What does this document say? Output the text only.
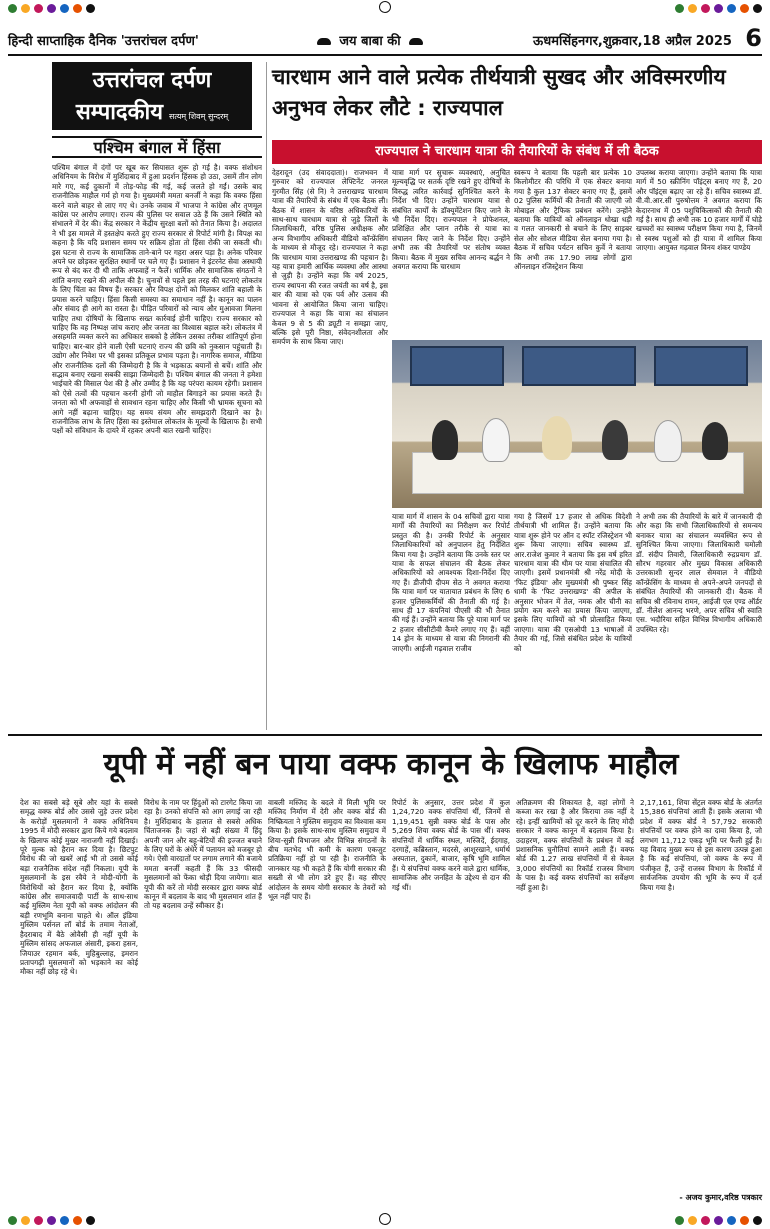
हिन्दी साप्ताहिक दैनिक 'उत्तरांचल दर्पण'	जय बाबा की	ऊधमसिंहनगर,शुक्रवार,18 अप्रैल 2025 6
उत्तरांचल दर्पण
सम्पादकीय सत्यम् शिवम् सुन्दरम्
पश्चिम बंगाल में हिंसा

पश्चिम बंगाल में दंगों पर खूब कर सियासत शुरू हो गई है। वक्फ संशोधन अधिनियम के विरोध में मुर्शिदाबाद में हुआ प्रदर्शन हिंसक हो उठा, उसमें तीन लोग मारे गए, कई दुकानों में तोड़-फोड़ की गई, कई जलते हो गईं। उसके बाद राजनीतिक माहौल गर्म हो गया है। मुख्यमंत्री ममता बनर्जी ने कहा कि वक्फ हिंसा करने वाले बाहर से लाए गए थे। उनके जवाब में भाजपा ने कांग्रेस और तृणमूल कांग्रेस पर आरोप लगाए। राज्य की पुलिस पर सवाल उठे हैं कि उसने स्थिति को संभालने में देर की। केंद्र सरकार ने केंद्रीय सुरक्षा बलों को तैनात किया है। अदालत ने भी इस मामले में हस्तक्षेप करते हुए राज्य सरकार से रिपोर्ट मांगी है। विपक्ष का कहना है कि यदि प्रशासन समय पर सक्रिय होता तो हिंसा रोकी जा सकती थी। इस घटना से राज्य के सामाजिक ताने-बाने पर गहरा असर पड़ा है। अनेक परिवार अपने घर छोड़कर सुरक्षित स्थानों पर चले गए हैं। प्रशासन ने इंटरनेट सेवा अस्थायी रूप से बंद कर दी थी ताकि अफवाहें न फैलें। धार्मिक और सामाजिक संगठनों ने शांति बनाए रखने की अपील की है। चुनावों से पहले इस तरह की घटनाएं लोकतंत्र के लिए चिंता का विषय हैं। सरकार और विपक्ष दोनों को मिलकर शांति बहाली के प्रयास करने चाहिए। हिंसा किसी समस्या का समाधान नहीं है। कानून का पालन और संवाद ही आगे का रास्ता है। पीड़ित परिवारों को न्याय और मुआवजा मिलना चाहिए तथा दोषियों के खिलाफ सख्त कार्रवाई होनी चाहिए। राज्य सरकार को चाहिए कि वह निष्पक्ष जांच कराए और जनता का विश्वास बहाल करे। लोकतंत्र में असहमति व्यक्त करने का अधिकार सबको है लेकिन उसका तरीका शांतिपूर्ण होना चाहिए। बार-बार होने वाली ऐसी घटनाएं राज्य की छवि को नुकसान पहुंचाती हैं। उद्योग और निवेश पर भी इसका प्रतिकूल प्रभाव पड़ता है। नागरिक समाज, मीडिया और राजनीतिक दलों की जिम्मेदारी है कि वे भड़काऊ बयानों से बचें। शांति और सद्भाव बनाए रखना सबकी साझा जिम्मेदारी है। पश्चिम बंगाल की जनता ने हमेशा भाईचारे की मिसाल पेश की है और उम्मीद है कि यह परंपरा कायम रहेगी। प्रशासन को ऐसे तत्वों की पहचान करनी होगी जो माहौल बिगाड़ने का प्रयास करते हैं। जनता को भी अफवाहों से सावधान रहना चाहिए और किसी भी भ्रामक सूचना को आगे नहीं बढ़ाना चाहिए। यह समय संयम और समझदारी दिखाने का है। राजनीतिक लाभ के लिए हिंसा का इस्तेमाल लोकतंत्र के मूल्यों के खिलाफ है। सभी पक्षों को संविधान के दायरे में रहकर अपनी बात रखनी चाहिए।

चारधाम आने वाले प्रत्येक तीर्थयात्री सुखद और अविस्मरणीय अनुभव लेकर लौटे : राज्यपाल
राज्यपाल ने चारधाम यात्रा की तैयारियों के संबंध में ली बैठक

देहरादून (उद संवाददाता)। राजभवन में गुरुवार को राज्यपाल लेफ्टिनेंट जनरल गुरमीत सिंह (से नि) ने उत्तराखण्ड चारधाम यात्रा की तैयारियों के संबंध में एक बैठक ली। बैठक में शासन के वरिष्ठ अधिकारियों के साथ-साथ चारधाम यात्रा से जुड़े जिलों के जिलाधिकारी, वरिष्ठ पुलिस अधीक्षक और अन्य विभागीय अधिकारी वीडियो कॉन्फ्रेंसिंग के माध्यम से मौजूद रहे। राज्यपाल ने कहा कि चारधाम यात्रा उत्तराखण्ड की पहचान है। यह यात्रा हमारी आर्थिक व्यवस्था और आस्था से जुड़ी है। उन्होंने कहा कि वर्ष 2025, राज्य स्थापना की रजत जयंती का वर्ष है, इस बार की यात्रा को एक पर्व और उत्सव की भावना से आयोजित किया जाना चाहिए। राज्यपाल ने कहा कि यात्रा का संचालन केवल 9 से 5 की ड्यूटी न समझा जाए, बल्कि इसे पूरी निष्ठा, संवेदनशीलता और समर्पण के साथ किया जाए।

यात्रा मार्ग पर सुचारू व्यवस्थाएं, अनुचित मूल्यवृद्धि पर सतर्क दृष्टि रखने हुए दोषियों के विरुद्ध त्वरित कार्रवाई सुनिश्चित करने के निर्देश भी दिए। उन्होंने चारधाम यात्रा से संबंधित कार्यों के डॉक्यूमेंटेशन किए जाने के भी निर्देश दिए। राज्यपाल ने प्रोफेशनल, प्रशिक्षित और प्लान तरीके से यात्रा का संचालन किए जाने के निर्देश दिए। उन्होंने अभी तक की तैयारियों पर संतोष व्यक्त किया। बैठक में मुख्य सचिव आनन्द बर्द्धन ने अवगत कराया कि चारधाम

स्वरूप ने बताया कि पहली बार प्रत्येक 10 किलोमीटर की परिधि में एक सेक्टर बनाया गया है कुल 137 सेक्टर बनाए गए हैं, इसमें 02 पुलिस कर्मियों की तैनाती की जाएगी जो मोबाइल और ट्रैफिक प्रबंधन करेंगे। उन्होंने बताया कि यात्रियों को ऑनलाइन धोखा धड़ी व गलत जानकारी से बचाने के लिए साइबर सेल और सोशल मीडिया सेल बनाया गया है। बैठक में सचिव पर्यटन सचिन कुर्वे ने बताया कि अभी तक 17.90 लाख लोगों द्वारा ऑनलाइन रजिस्ट्रेशन किया

उपलब्ध कराया जाएगा। उन्होंने बताया कि यात्रा मार्ग में 50 स्क्रीनिंग पॉइंट्स बनाए गए हैं, 20 और पॉइंट्स बढ़ाए जा रहे हैं। सचिव स्वास्थ्य डॉ. वी.वी.आर.सी पुरुषोत्तम ने अवगत कराया कि केदारनाथ में 05 पशुचिकित्सकों की तैनाती की गई है। साथ ही अभी तक 10 हजार मार्गों में घोड़े खच्चरों का स्वास्थ्य परीक्षण किया गया है, जिनमें से स्वस्थ पशुओं को ही यात्रा में शामिल किया जाएगा। आयुक्त गढ़वाल विनय शंकर पाण्डेय

यात्रा मार्ग में शासन के 04 सचिवों द्वारा यात्रा मार्गों की तैयारियों का निरीक्षण कर रिपोर्ट प्रस्तुत की है। उनकी रिपोर्ट के अनुसार जिलाधिकारियों को अनुपालन हेतु निर्देशित किया गया है। उन्होंने बताया कि उनके स्तर पर यात्रा के सफल संचालन की बैठक लेकर अधिकारियों को आवश्यक दिशा-निर्देश दिए गए हैं। डीजीपी दीपम सेठ ने अवगत कराया कि यात्रा मार्ग पर यातायात प्रबंधन के लिए 6 हजार पुलिसकर्मियों की तैनाती की गई है। साथ ही 17 कंपनियां पीएसी की भी तैनात की गई हैं। उन्होंने बताया कि पूरे यात्रा मार्ग पर 2 हजार सीसीटीवी कैमरे लगाए गए हैं। वहीं 14 ड्रोन के माध्यम से यात्रा की निगरानी की जाएगी। आईजी गढ़वाल राजीव

गया है जिसमें 17 हजार से अधिक विदेशी तीर्थयात्री भी शामिल हैं। उन्होंने बताया कि यात्रा शुरू होने पर ऑन द स्पॉट रजिस्ट्रेशन भी शुरू किया जाएगा। सचिव स्वास्थ्य डॉ. आर.राजेश कुमार ने बताया कि इस वर्ष हरित चारधाम यात्रा की थीम पर यात्रा संचालित की जाएगी। इसमें प्रधानमंत्री श्री नरेंद्र मोदी के 'फिट इंडिया' और मुख्यमंत्री श्री पुष्कर सिंह धामी के 'फिट उत्तराखण्ड' की अपील के अनुसार भोजन में तेल, नमक और चीनी का प्रयोग कम करने का प्रयास किया जाएगा, इसके लिए यात्रियों को भी प्रोत्साहित किया जाएगा। यात्रा की एसओपी 13 भाषाओं में तैयार की गई, जिसे संबंधित प्रदेश के यात्रियों को

ने अभी तक की तैयारियों के बारे में जानकारी दी और कहा कि सभी जिलाधिकारियों से समन्वय बनाकर यात्रा का संचालन व्यवस्थित रूप से सुनिश्चित किया जाएगा। जिलाधिकारी चमोली डॉ. संदीप तिवारी, जिलाधिकारी रुद्रप्रयाग डॉ. सौरभ गहरवार और मुख्य विकास अधिकारी उत्तरकाशी सुन्दर लाल सेमवाल ने वीडियो कॉन्फ्रेंसिंग के माध्यम से अपने-अपने जनपदों से संबंधित तैयारियों की जानकारी दी। बैठक में सचिव श्री रविनाथ रामन, आईजी एल एण्ड ऑर्डर डॉ. नीलेश आनन्द भरणे, अपर सचिव श्री स्वाति एस. भदौरिया सहित विभिन्न विभागीय अधिकारी उपस्थित रहे।

यूपी में नहीं बन पाया वक्फ कानून के खिलाफ माहौल

देश का सबसे बड़े सूबे और यहां के सबसे समृद्ध वक्फ बोर्ड और उससे जुड़े उत्तर प्रदेश के करोड़ों मुसलमानों ने वक्फ अधिनियम 1995 में मोदी सरकार द्वारा किये गये बदलाव के खिलाफ कोई मुखर नाराजगी नहीं दिखाई। पूरे मुल्क को हैरान कर दिया है। छिटपुट विरोध की जो खबरें आईं भी तो उससे कोई बड़ा राजनैतिक संदेश नहीं निकला। यूपी के मुसलमानों के इस रवैये ने मोदी-योगी के विरोधियों को हैरान कर दिया है, क्योंकि कांग्रेस और समाजवादी पार्टी के साथ-साथ कई मुस्लिम नेता यूपी को वक्फ आंदोलन की बड़ी रणभूमि बनाना चाहते थे। ऑल इंडिया मुस्लिम पर्सनल लॉ बोर्ड के तमाम नेताओं, हैदराबाद में बैठे ओवैसी ही नहीं यूपी के मुस्लिम सांसद अफजाल अंसारी, इकरा हसन, जियाउर रहमान बर्क, मुहिबुल्लाह, इमरान प्रतापगढ़ी मुसलमानों को भड़काने का कोई मौका नहीं छोड़ रहे थे।

विरोध के नाम पर हिंदुओं को टारगेट किया जा रहा है। उनको संपत्ति को आग लगाई जा रही है। मुर्शिदाबाद के हालात से सबसे अधिक चिंताजनक हैं। जहां से बड़ी संख्या में हिंदू अपनी जान और बहू-बेटियों की इज्जत बचाने के लिए घरों के अंधेरे में पलायन को मजबूर हो गये। ऐसी वारदातों पर लगाम लगाने की बजाये ममता बनर्जी कहती हैं कि 33 फीसदी मुसलमानों को फेंका थोड़ी दिया जायेगा। बात यूपी की करें तो मोदी सरकार द्वारा वक्फ बोर्ड कानून में बदलाव के बाद भी मुसलमान शांत हैं तो यह बदलाव उन्हें स्वीकार है।

वाबली मस्जिद के बदले में मिली भूमि पर मस्जिद निर्माण में देरी और वक्फ बोर्ड की निष्क्रियता ने मुस्लिम समुदाय का विश्वास कम किया है। इसके साथ-साथ मुस्लिम समुदाय में शिया-सुन्नी विभाजन और विभिन्न संगठनों के बीच मतभेद भी कमी के कारण एकजुट प्रतिक्रिया नहीं हो पा रही है। राजनीति के जानकार यह भी कहते हैं कि योगी सरकार की सख्ती से भी लोग डरे हुए हैं। वह सीएए आंदोलन के समय योगी सरकार के तेवरों को भूल नहीं पाए हैं।

रिपोर्ट के अनुसार, उत्तर प्रदेश में कुल 1,24,720 वक्फ संपत्तियां थीं, जिनमें से 1,19,451 सुन्नी वक्फ बोर्ड के पास और 5,269 शिया वक्फ बोर्ड के पास थीं। वक्फ संपत्तियों में धार्मिक स्थल, मस्जिदें, ईदगाह, दरगाहें, कब्रिस्तान, मदरसे, आशूरखाने, धर्मार्थ अस्पताल, दुकानें, बाजार, कृषि भूमि शामिल हैं। ये संपत्तियां वक्फ करने वाले द्वारा धार्मिक, सामाजिक और जनहित के उद्देश्य से दान की गई थीं।

अतिक्रमण की शिकायत है, वहां लोगों ने कब्जा कर रखा है और किराया तक नहीं दे रहे। इन्हीं खामियों को दूर करने के लिए मोदी सरकार ने वक्फ कानून में बदलाव किया है। उदाहरण, वक्फ संपत्तियों के प्रबंधन में कई प्रशासनिक चुनौतियां सामने आती हैं। वक्फ बोर्ड की 1.27 लाख संपत्तियों में से केवल 3,000 संपत्तियों का रिकॉर्ड राजस्व विभाग के पास है। कई वक्फ संपत्तियों का सर्वेक्षण नहीं हुआ है।

2,17,161, शिया सेंट्रल वक्फ बोर्ड के अंतर्गत 15,386 संपत्तियां आती हैं। इसके अलावा भी प्रदेश में वक्फ बोर्ड ने 57,792 सरकारी संपत्तियों पर वक्फ होने का दावा किया है, जो लगभग 11,712 एकड़ भूमि पर फैली हुई हैं। यह विवाद मुख्य रूप से इस कारण उत्पन्न हुआ है कि कई संपत्तियां, जो वक्फ के रूप में पंजीकृत हैं, उन्हें राजस्व विभाग के रिकॉर्ड में सार्वजनिक उपयोग की भूमि के रूप में दर्ज किया गया है।

- अजय कुमार,वरिष्ठ पत्रकार
